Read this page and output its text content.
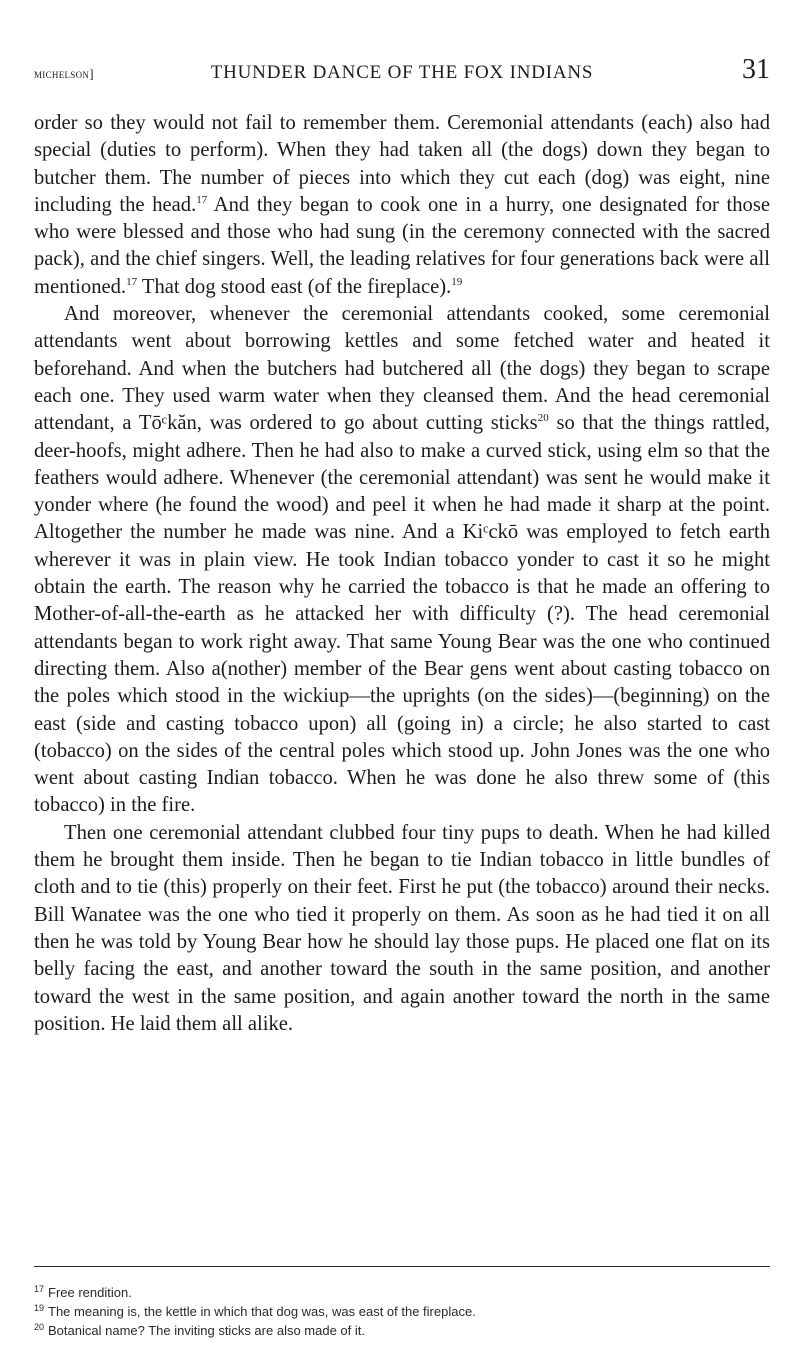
michelson]	THUNDER DANCE OF THE FOX INDIANS	31

order so they would not fail to remember them. Ceremonial attendants (each) also had special (duties to perform). When they had taken all (the dogs) down they began to butcher them. The number of pieces into which they cut each (dog) was eight, nine including the head.$^{17}$ And they began to cook one in a hurry, one designated for those who were blessed and those who had sung (in the ceremony connected with the sacred pack), and the chief singers. Well, the leading relatives for four generations back were all mentioned.$^{17}$ That dog stood east (of the fireplace).$^{19}$

And moreover, whenever the ceremonial attendants cooked, some ceremonial attendants went about borrowing kettles and some fetched water and heated it beforehand. And when the butchers had butchered all (the dogs) they began to scrape each one. They used warm water when they cleansed them. And the head ceremonial attendant, a Tōᶜkăn, was ordered to go about cutting sticks$^{20}$ so that the things rattled, deer-hoofs, might adhere. Then he had also to make a curved stick, using elm so that the feathers would adhere. Whenever (the ceremonial attendant) was sent he would make it yonder where (he found the wood) and peel it when he had made it sharp at the point. Altogether the number he made was nine. And a Kiᶜckō was employed to fetch earth wherever it was in plain view. He took Indian tobacco yonder to cast it so he might obtain the earth. The reason why he carried the tobacco is that he made an offering to Mother-of-all-the-earth as he attacked her with difficulty (?). The head ceremonial attendants began to work right away. That same Young Bear was the one who continued directing them. Also a(nother) member of the Bear gens went about casting tobacco on the poles which stood in the wickiup—the uprights (on the sides)—(beginning) on the east (side and casting tobacco upon) all (going in) a circle; he also started to cast (tobacco) on the sides of the central poles which stood up. John Jones was the one who went about casting Indian tobacco. When he was done he also threw some of (this tobacco) in the fire.

Then one ceremonial attendant clubbed four tiny pups to death. When he had killed them he brought them inside. Then he began to tie Indian tobacco in little bundles of cloth and to tie (this) properly on their feet. First he put (the tobacco) around their necks. Bill Wanatee was the one who tied it properly on them. As soon as he had tied it on all then he was told by Young Bear how he should lay those pups. He placed one flat on its belly facing the east, and another toward the south in the same position, and another toward the west in the same position, and again another toward the north in the same position. He laid them all alike.

$^{17}$ Free rendition.
$^{19}$ The meaning is, the kettle in which that dog was, was east of the fireplace.
$^{20}$ Botanical name? The inviting sticks are also made of it.
